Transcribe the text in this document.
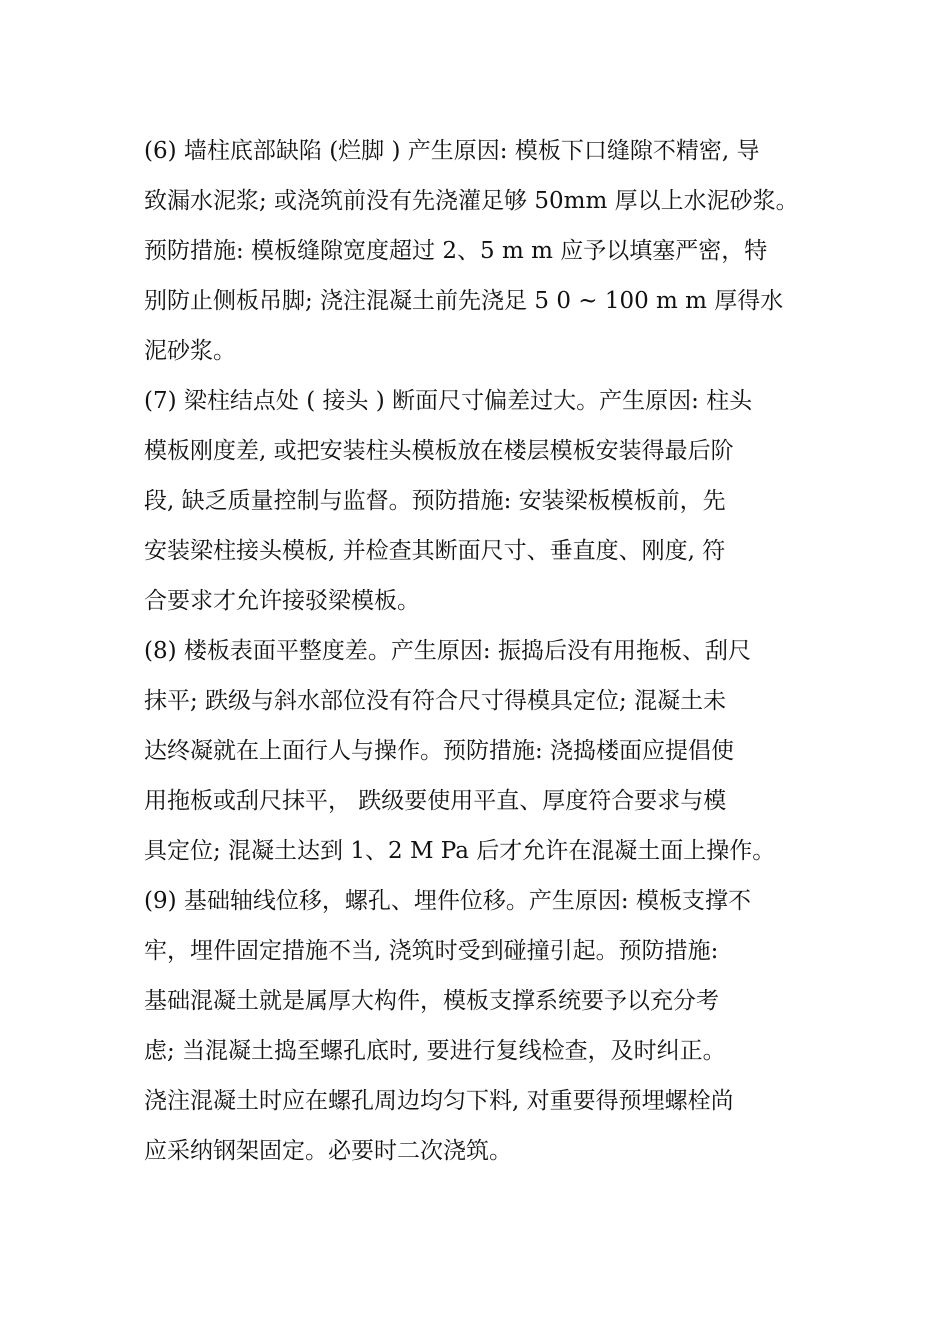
(6) 墙柱底部缺陷 (烂脚 ) 产生原因: 模板下口缝隙不精密, 导
致漏水泥浆; 或浇筑前没有先浇灌足够 50mm 厚以上水泥砂浆。
预防措施: 模板缝隙宽度超过 2、5 m m 应予以填塞严密，特
别防止侧板吊脚; 浇注混凝土前先浇足 5 0 ~ 100 m m 厚得水
泥砂浆。
(7) 梁柱结点处 ( 接头 ) 断面尺寸偏差过大。产生原因: 柱头
模板刚度差, 或把安装柱头模板放在楼层模板安装得最后阶
段, 缺乏质量控制与监督。预防措施: 安装梁板模板前，先
安装梁柱接头模板, 并检查其断面尺寸、垂直度、刚度, 符
合要求才允许接驳梁模板。
(8) 楼板表面平整度差。产生原因: 振捣后没有用拖板、刮尺
抹平; 跌级与斜水部位没有符合尺寸得模具定位; 混凝土未
达终凝就在上面行人与操作。预防措施: 浇捣楼面应提倡使
用拖板或刮尺抹平， 跌级要使用平直、厚度符合要求与模
具定位; 混凝土达到 1、2 M Pa 后才允许在混凝土面上操作。
(9) 基础轴线位移，螺孔、埋件位移。产生原因: 模板支撑不
牢，埋件固定措施不当, 浇筑时受到碰撞引起。预防措施:
基础混凝土就是属厚大构件，模板支撑系统要予以充分考
虑; 当混凝土捣至螺孔底时, 要进行复线检查，及时纠正。
浇注混凝土时应在螺孔周边均匀下料, 对重要得预埋螺栓尚
应采纳钢架固定。必要时二次浇筑。
